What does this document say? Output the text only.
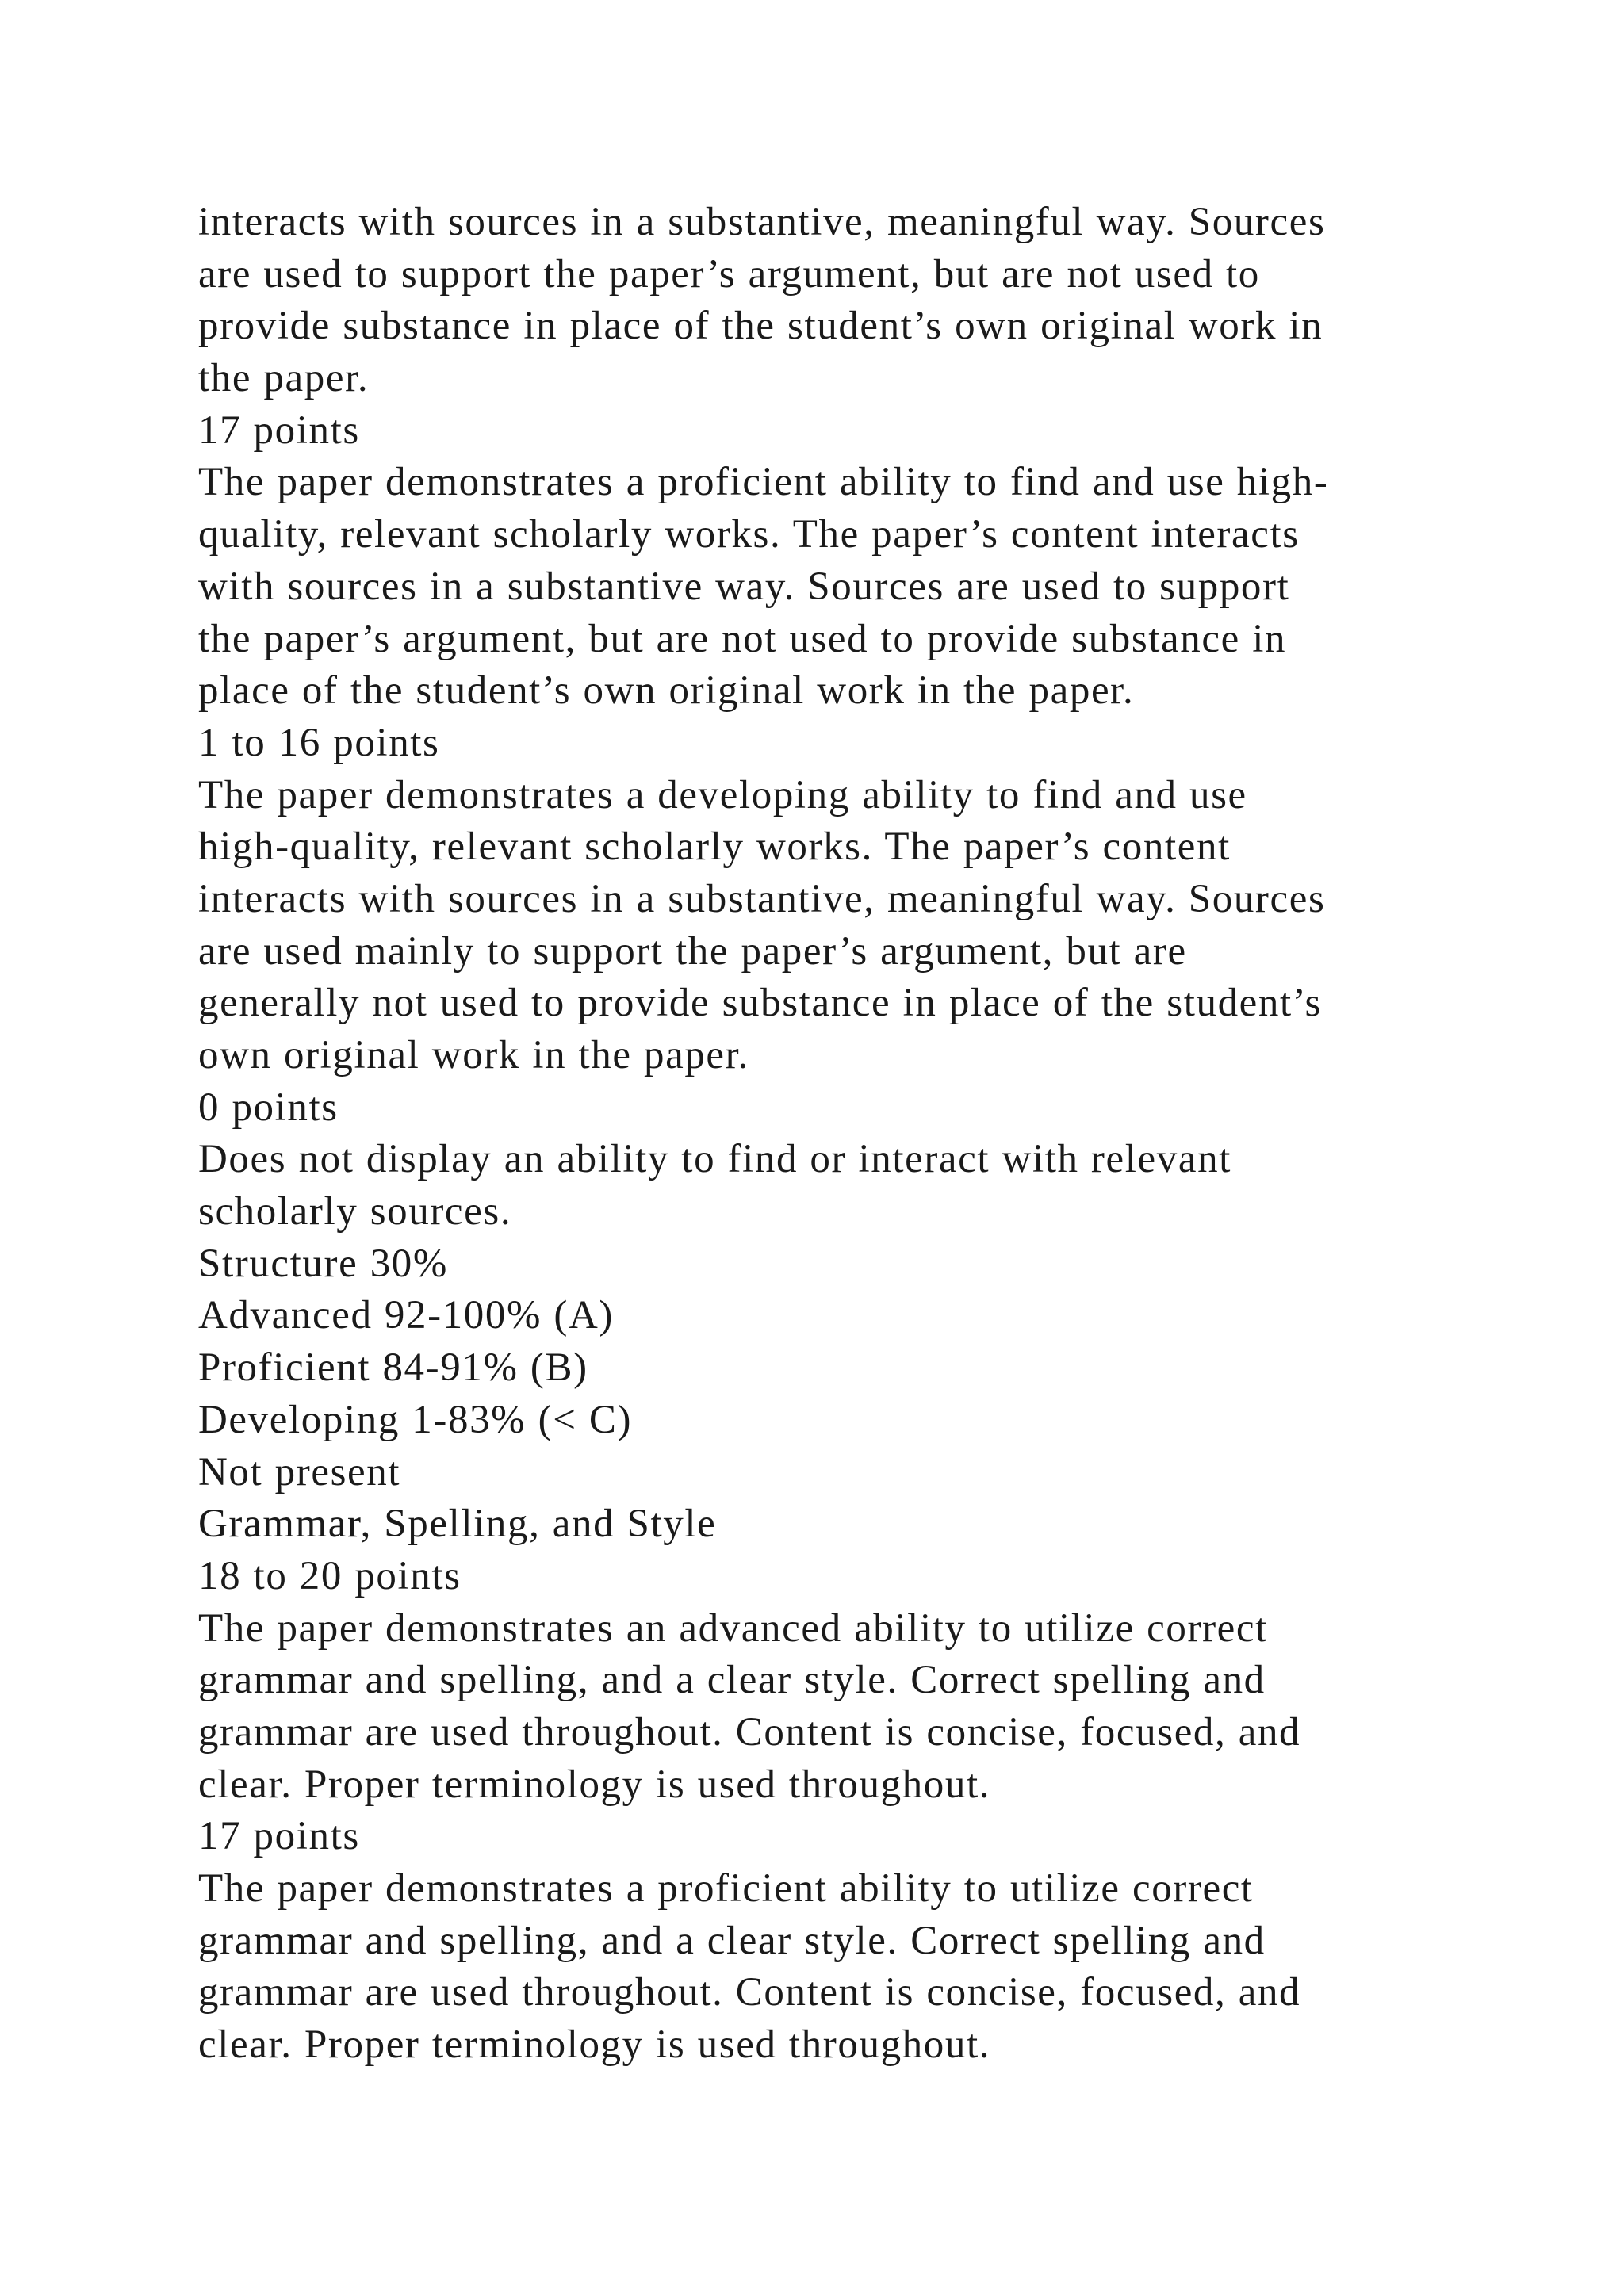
interacts with sources in a substantive, meaningful way. Sources
are used to support the paper’s argument, but are not used to
provide substance in place of the student’s own original work in
the paper.
17 points
The paper demonstrates a proficient ability to find and use high-
quality, relevant scholarly works. The paper’s content interacts
with sources in a substantive way. Sources are used to support
the paper’s argument, but are not used to provide substance in
place of the student’s own original work in the paper.
1 to 16 points
The paper demonstrates a developing ability to find and use
high-quality, relevant scholarly works. The paper’s content
interacts with sources in a substantive, meaningful way. Sources
are used mainly to support the paper’s argument, but are
generally not used to provide substance in place of the student’s
own original work in the paper.
0 points
Does not display an ability to find or interact with relevant
scholarly sources.
Structure 30%
Advanced 92-100% (A)
Proficient 84-91% (B)
Developing 1-83% (< C)
Not present
Grammar, Spelling, and Style
18 to 20 points
The paper demonstrates an advanced ability to utilize correct
grammar and spelling, and a clear style. Correct spelling and
grammar are used throughout. Content is concise, focused, and
clear. Proper terminology is used throughout.
17 points
The paper demonstrates a proficient ability to utilize correct
grammar and spelling, and a clear style. Correct spelling and
grammar are used throughout. Content is concise, focused, and
clear. Proper terminology is used throughout.
